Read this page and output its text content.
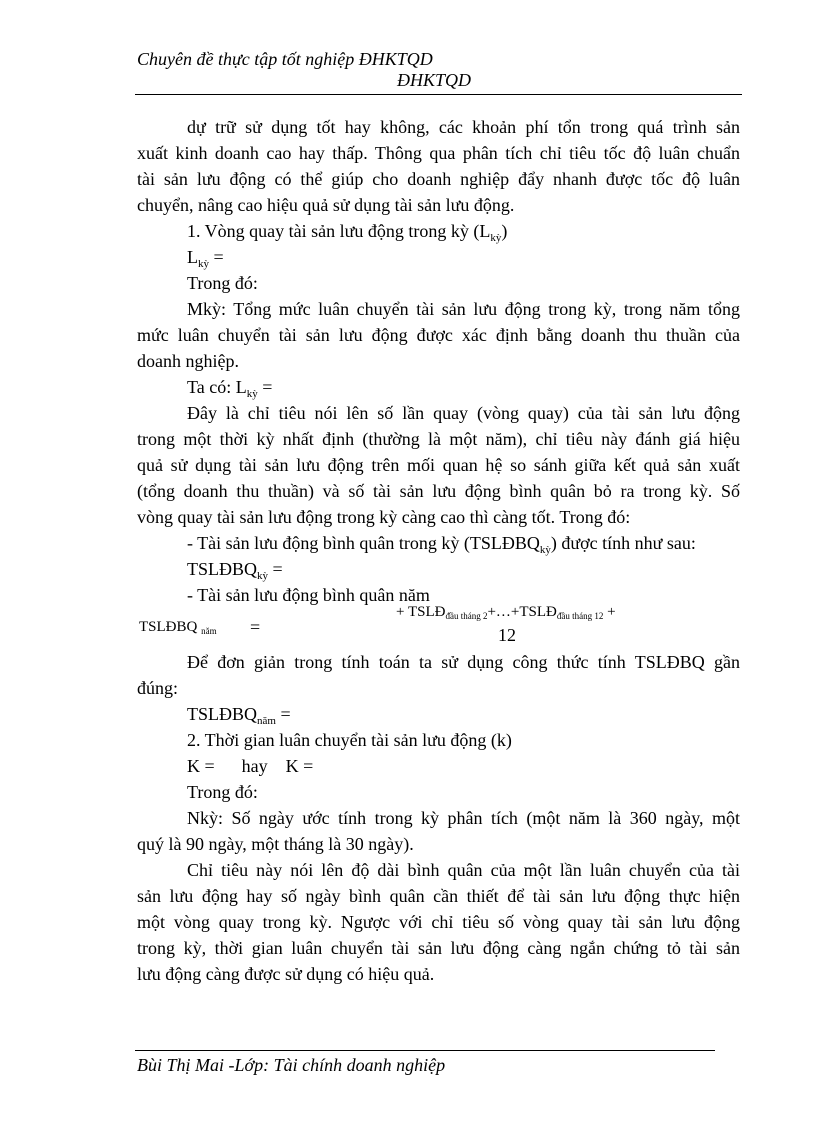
Chuyên đề thực tập tốt nghiệp ĐHKTQD
ĐHKTQD
dự trữ sử dụng tốt hay không, các khoản phí tổn trong quá trình sản
xuất kinh doanh cao hay thấp. Thông qua phân tích chỉ tiêu tốc độ luân chuẩn
tài sản lưu động có thể giúp cho doanh nghiệp đẩy nhanh được tốc độ luân
chuyển, nâng cao hiệu quả sử dụng tài sản lưu động.
1. Vòng quay tài sản lưu động trong kỳ $(L_{kỳ})$
$L_{kỳ}$ =
Trong đó:
Mkỳ: Tổng mức luân chuyển tài sản lưu động trong kỳ, trong năm tổng
mức luân chuyển tài sản lưu động được xác định bằng doanh thu thuần của
doanh nghiệp.
Ta có: $L_{kỳ}$ =
Đây là chỉ tiêu nói lên số lần quay (vòng quay) của tài sản lưu động
trong một thời kỳ nhất định (thường là một năm), chỉ tiêu này đánh giá hiệu
quả sử dụng tài sản lưu động trên mối quan hệ so sánh giữa kết quả sản xuất
(tổng doanh thu thuần) và số tài sản lưu động bình quân bỏ ra trong kỳ. Số
vòng quay tài sản lưu động trong kỳ càng cao thì càng tốt. Trong đó:
- Tài sản lưu động bình quân trong kỳ $(TSLĐBQ_{kỳ})$ được tính như sau:
$TSLĐBQ_{kỳ}$ =
- Tài sản lưu động bình quân năm
TSLĐBQ $_{năm}$ =
+ $TSLĐ_{đầu tháng 2}+\dots+TSLĐ_{đầu tháng 12}$ +
12
Để đơn giản trong tính toán ta sử dụng công thức tính TSLĐBQ gần
đúng:
$TSLĐBQ_{năm}$ =
2. Thời gian luân chuyển tài sản lưu động (k)
K =      hay    K =
Trong đó:
Nkỳ: Số ngày ước tính trong kỳ phân tích (một năm là 360 ngày, một
quý là 90 ngày, một tháng là 30 ngày).
Chỉ tiêu này nói lên độ dài bình quân của một lần luân chuyển của tài
sản lưu động hay số ngày bình quân cần thiết để tài sản lưu động thực hiện
một vòng quay trong kỳ. Ngược với chỉ tiêu số vòng quay tài sản lưu động
trong kỳ, thời gian luân chuyển tài sản lưu động càng ngắn chứng tỏ tài sản
lưu động càng được sử dụng có hiệu quả.
Bùi Thị Mai -Lớp: Tài chính doanh nghiệp
